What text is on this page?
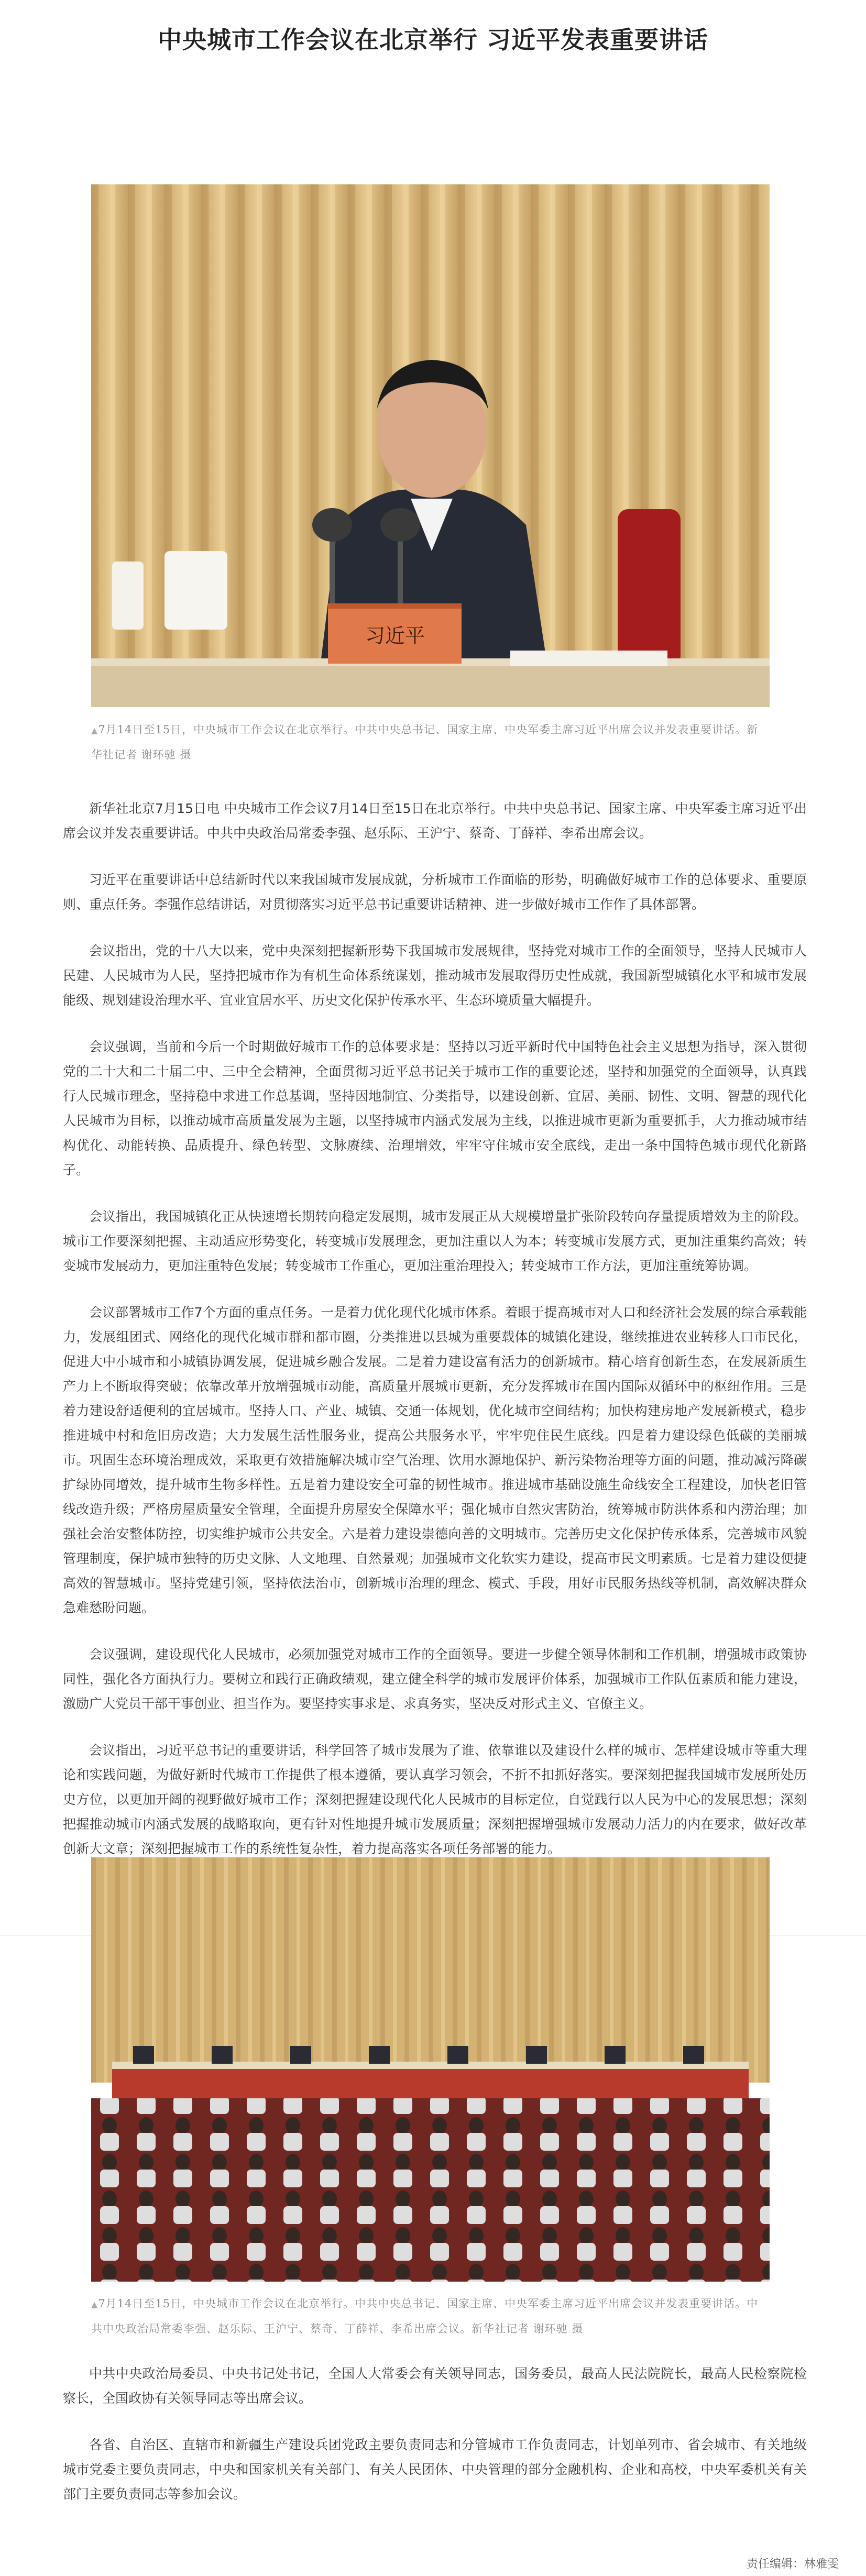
中央城市工作会议在北京举行 习近平发表重要讲话
习近平
▲7月14日至15日，中央城市工作会议在北京举行。中共中央总书记、国家主席、中央军委主席习近平出席会议并发表重要讲话。新华社记者 谢环驰 摄

新华社北京7月15日电 中央城市工作会议7月14日至15日在北京举行。中共中央总书记、国家主席、中央军委主席习近平出席会议并发表重要讲话。中共中央政治局常委李强、赵乐际、王沪宁、蔡奇、丁薛祥、李希出席会议。

习近平在重要讲话中总结新时代以来我国城市发展成就，分析城市工作面临的形势，明确做好城市工作的总体要求、重要原则、重点任务。李强作总结讲话，对贯彻落实习近平总书记重要讲话精神、进一步做好城市工作作了具体部署。

会议指出，党的十八大以来，党中央深刻把握新形势下我国城市发展规律，坚持党对城市工作的全面领导，坚持人民城市人民建、人民城市为人民，坚持把城市作为有机生命体系统谋划，推动城市发展取得历史性成就，我国新型城镇化水平和城市发展能级、规划建设治理水平、宜业宜居水平、历史文化保护传承水平、生态环境质量大幅提升。

会议强调，当前和今后一个时期做好城市工作的总体要求是：坚持以习近平新时代中国特色社会主义思想为指导，深入贯彻党的二十大和二十届二中、三中全会精神，全面贯彻习近平总书记关于城市工作的重要论述，坚持和加强党的全面领导，认真践行人民城市理念，坚持稳中求进工作总基调，坚持因地制宜、分类指导，以建设创新、宜居、美丽、韧性、文明、智慧的现代化人民城市为目标，以推动城市高质量发展为主题，以坚持城市内涵式发展为主线，以推进城市更新为重要抓手，大力推动城市结构优化、动能转换、品质提升、绿色转型、文脉赓续、治理增效，牢牢守住城市安全底线，走出一条中国特色城市现代化新路子。

会议指出，我国城镇化正从快速增长期转向稳定发展期，城市发展正从大规模增量扩张阶段转向存量提质增效为主的阶段。城市工作要深刻把握、主动适应形势变化，转变城市发展理念，更加注重以人为本；转变城市发展方式，更加注重集约高效；转变城市发展动力，更加注重特色发展；转变城市工作重心，更加注重治理投入；转变城市工作方法，更加注重统筹协调。

会议部署城市工作7个方面的重点任务。一是着力优化现代化城市体系。着眼于提高城市对人口和经济社会发展的综合承载能力，发展组团式、网络化的现代化城市群和都市圈，分类推进以县城为重要载体的城镇化建设，继续推进农业转移人口市民化，促进大中小城市和小城镇协调发展，促进城乡融合发展。二是着力建设富有活力的创新城市。精心培育创新生态，在发展新质生产力上不断取得突破；依靠改革开放增强城市动能，高质量开展城市更新，充分发挥城市在国内国际双循环中的枢纽作用。三是着力建设舒适便利的宜居城市。坚持人口、产业、城镇、交通一体规划，优化城市空间结构；加快构建房地产发展新模式，稳步推进城中村和危旧房改造；大力发展生活性服务业，提高公共服务水平，牢牢兜住民生底线。四是着力建设绿色低碳的美丽城市。巩固生态环境治理成效，采取更有效措施解决城市空气治理、饮用水源地保护、新污染物治理等方面的问题，推动减污降碳扩绿协同增效，提升城市生物多样性。五是着力建设安全可靠的韧性城市。推进城市基础设施生命线安全工程建设，加快老旧管线改造升级；严格房屋质量安全管理，全面提升房屋安全保障水平；强化城市自然灾害防治，统筹城市防洪体系和内涝治理；加强社会治安整体防控，切实维护城市公共安全。六是着力建设崇德向善的文明城市。完善历史文化保护传承体系，完善城市风貌管理制度，保护城市独特的历史文脉、人文地理、自然景观；加强城市文化软实力建设，提高市民文明素质。七是着力建设便捷高效的智慧城市。坚持党建引领，坚持依法治市，创新城市治理的理念、模式、手段，用好市民服务热线等机制，高效解决群众急难愁盼问题。

会议强调，建设现代化人民城市，必须加强党对城市工作的全面领导。要进一步健全领导体制和工作机制，增强城市政策协同性，强化各方面执行力。要树立和践行正确政绩观，建立健全科学的城市发展评价体系，加强城市工作队伍素质和能力建设，激励广大党员干部干事创业、担当作为。要坚持实事求是、求真务实，坚决反对形式主义、官僚主义。

会议指出，习近平总书记的重要讲话，科学回答了城市发展为了谁、依靠谁以及建设什么样的城市、怎样建设城市等重大理论和实践问题，为做好新时代城市工作提供了根本遵循，要认真学习领会，不折不扣抓好落实。要深刻把握我国城市发展所处历史方位，以更加开阔的视野做好城市工作；深刻把握建设现代化人民城市的目标定位，自觉践行以人民为中心的发展思想；深刻把握推动城市内涵式发展的战略取向，更有针对性地提升城市发展质量；深刻把握增强城市发展动力活力的内在要求，做好改革创新大文章；深刻把握城市工作的系统性复杂性，着力提高落实各项任务部署的能力。

▲7月14日至15日，中央城市工作会议在北京举行。中共中央总书记、国家主席、中央军委主席习近平出席会议并发表重要讲话。中共中央政治局常委李强、赵乐际、王沪宁、蔡奇、丁薛祥、李希出席会议。新华社记者 谢环驰 摄

中共中央政治局委员、中央书记处书记，全国人大常委会有关领导同志，国务委员，最高人民法院院长，最高人民检察院检察长，全国政协有关领导同志等出席会议。

各省、自治区、直辖市和新疆生产建设兵团党政主要负责同志和分管城市工作负责同志，计划单列市、省会城市、有关地级城市党委主要负责同志，中央和国家机关有关部门、有关人民团体、中央管理的部分金融机构、企业和高校，中央军委机关有关部门主要负责同志等参加会议。

责任编辑：林雅雯
